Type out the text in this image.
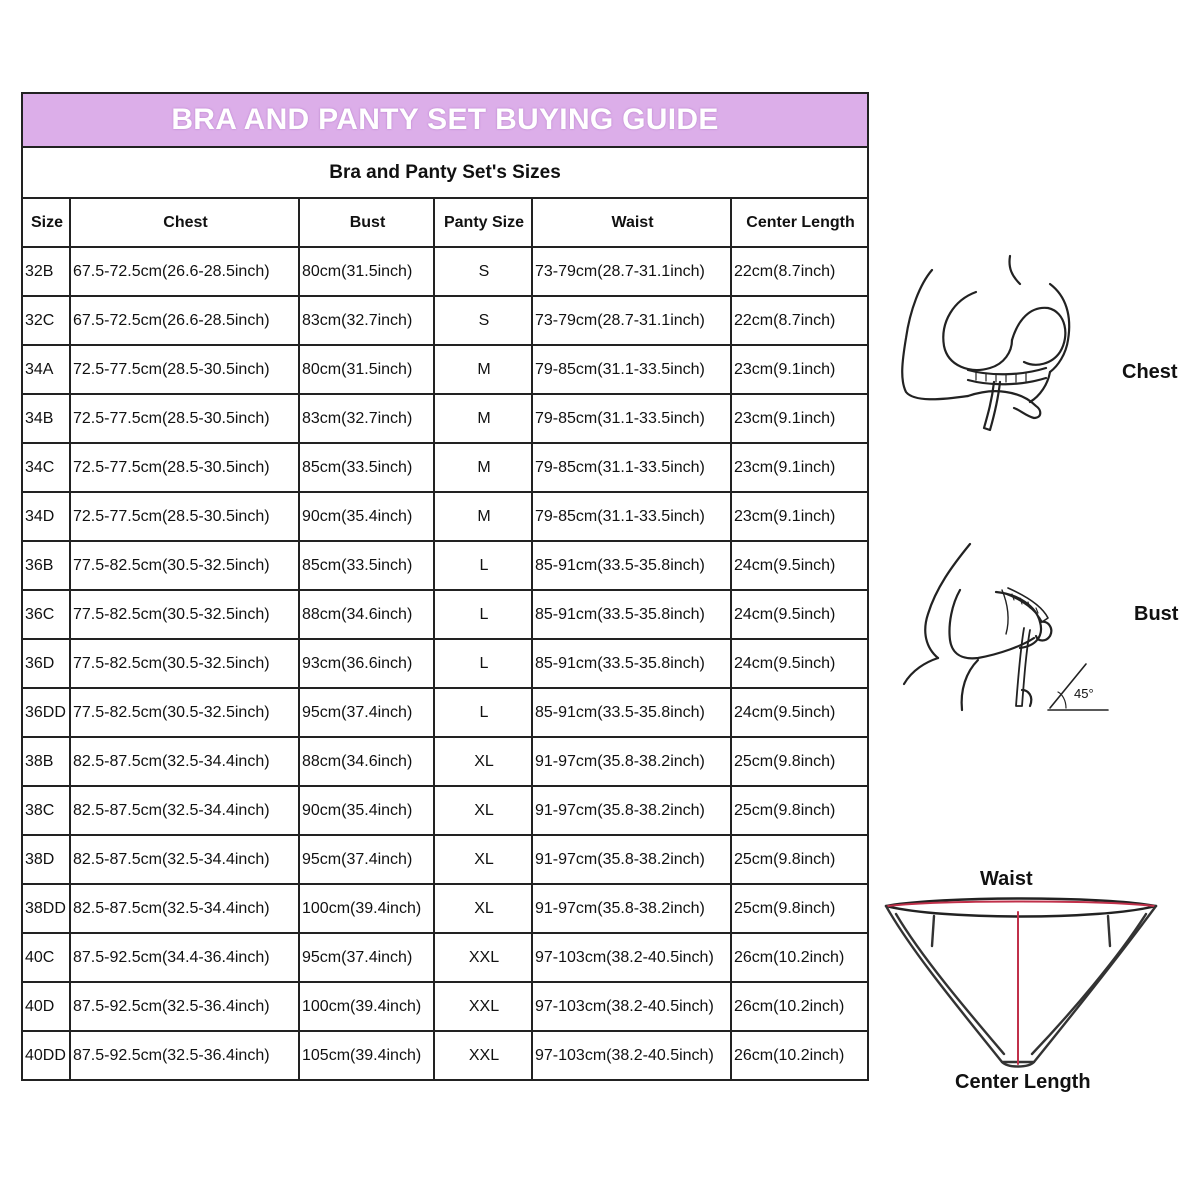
BRA AND PANTY SET BUYING GUIDE
Bra and Panty Set's Sizes
Size	Chest	Bust	Panty Size	Waist	Center Length
32B	67.5-72.5cm(26.6-28.5inch)	80cm(31.5inch)	S	73-79cm(28.7-31.1inch)	22cm(8.7inch)
32C	67.5-72.5cm(26.6-28.5inch)	83cm(32.7inch)	S	73-79cm(28.7-31.1inch)	22cm(8.7inch)
34A	72.5-77.5cm(28.5-30.5inch)	80cm(31.5inch)	M	79-85cm(31.1-33.5inch)	23cm(9.1inch)
34B	72.5-77.5cm(28.5-30.5inch)	83cm(32.7inch)	M	79-85cm(31.1-33.5inch)	23cm(9.1inch)
34C	72.5-77.5cm(28.5-30.5inch)	85cm(33.5inch)	M	79-85cm(31.1-33.5inch)	23cm(9.1inch)
34D	72.5-77.5cm(28.5-30.5inch)	90cm(35.4inch)	M	79-85cm(31.1-33.5inch)	23cm(9.1inch)
36B	77.5-82.5cm(30.5-32.5inch)	85cm(33.5inch)	L	85-91cm(33.5-35.8inch)	24cm(9.5inch)
36C	77.5-82.5cm(30.5-32.5inch)	88cm(34.6inch)	L	85-91cm(33.5-35.8inch)	24cm(9.5inch)
36D	77.5-82.5cm(30.5-32.5inch)	93cm(36.6inch)	L	85-91cm(33.5-35.8inch)	24cm(9.5inch)
36DD	77.5-82.5cm(30.5-32.5inch)	95cm(37.4inch)	L	85-91cm(33.5-35.8inch)	24cm(9.5inch)
38B	82.5-87.5cm(32.5-34.4inch)	88cm(34.6inch)	XL	91-97cm(35.8-38.2inch)	25cm(9.8inch)
38C	82.5-87.5cm(32.5-34.4inch)	90cm(35.4inch)	XL	91-97cm(35.8-38.2inch)	25cm(9.8inch)
38D	82.5-87.5cm(32.5-34.4inch)	95cm(37.4inch)	XL	91-97cm(35.8-38.2inch)	25cm(9.8inch)
38DD	82.5-87.5cm(32.5-34.4inch)	100cm(39.4inch)	XL	91-97cm(35.8-38.2inch)	25cm(9.8inch)
40C	87.5-92.5cm(34.4-36.4inch)	95cm(37.4inch)	XXL	97-103cm(38.2-40.5inch)	26cm(10.2inch)
40D	87.5-92.5cm(32.5-36.4inch)	100cm(39.4inch)	XXL	97-103cm(38.2-40.5inch)	26cm(10.2inch)
40DD	87.5-92.5cm(32.5-36.4inch)	105cm(39.4inch)	XXL	97-103cm(38.2-40.5inch)	26cm(10.2inch)
Chest
45°
Bust
Waist
Center Length
